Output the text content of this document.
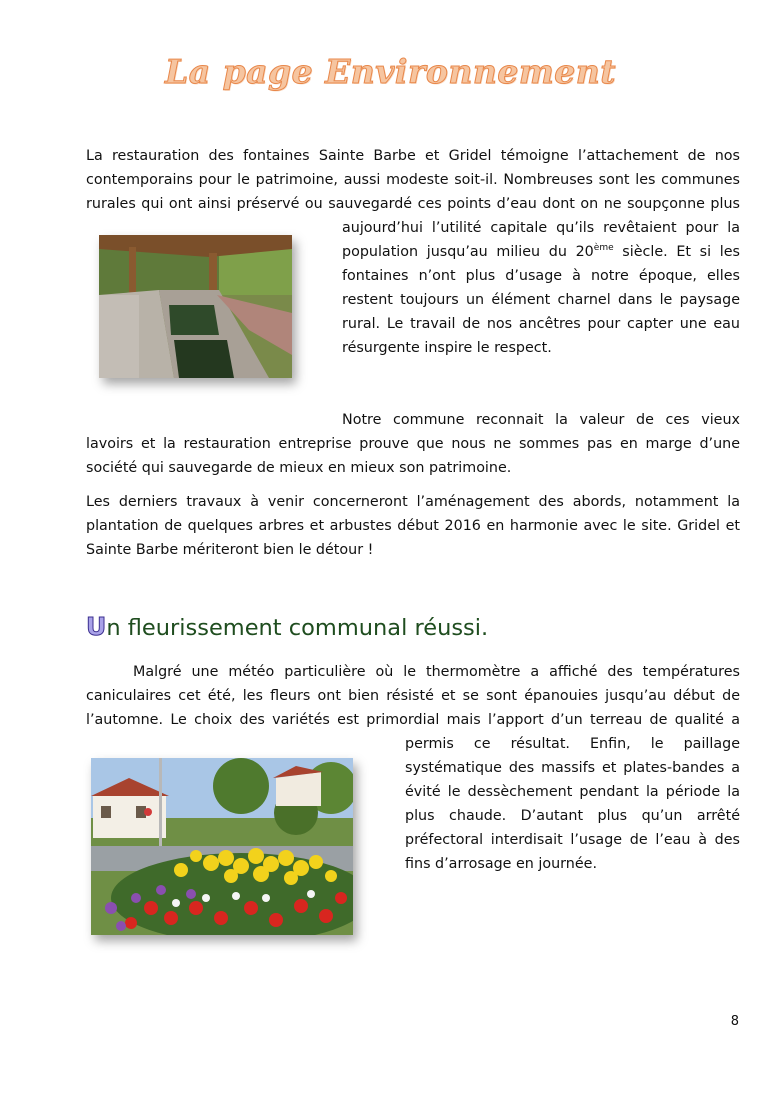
La page Environnement
La restauration des fontaines Sainte Barbe et Gridel témoigne l’attachement de nos
contemporains pour le patrimoine, aussi modeste soit-il. Nombreuses sont les communes
rurales qui ont ainsi préservé ou sauvegardé ces points d’eau dont on ne soupçonne plus
aujourd’hui l’utilité capitale qu’ils revêtaient pour la
population jusqu’au milieu du 20ème siècle. Et si les
fontaines n’ont plus d’usage à notre époque, elles
restent toujours un élément charnel dans le paysage
rural. Le travail de nos ancêtres pour capter une eau
résurgente inspire le respect.
Notre commune reconnait la valeur de ces vieux
lavoirs et la restauration entreprise prouve que nous ne sommes pas en marge d’une
société qui sauvegarde de mieux en mieux son patrimoine.
Les derniers travaux à venir concerneront l’aménagement des abords, notamment la
plantation de quelques arbres et arbustes début 2016 en harmonie avec le site. Gridel et
Sainte Barbe mériteront bien le détour !
Un fleurissement communal réussi.
Malgré une météo particulière où le thermomètre a affiché des températures
caniculaires cet été, les fleurs ont bien résisté et se sont épanouies jusqu’au début de
l’automne. Le choix des variétés est primordial mais l’apport d’un terreau de qualité a
permis ce résultat. Enfin, le paillage
systématique des massifs et plates-bandes a
évité le dessèchement pendant la période la
plus chaude. D’autant plus qu’un arrêté
préfectoral interdisait l’usage de l’eau à des
fins d’arrosage en journée.
8
